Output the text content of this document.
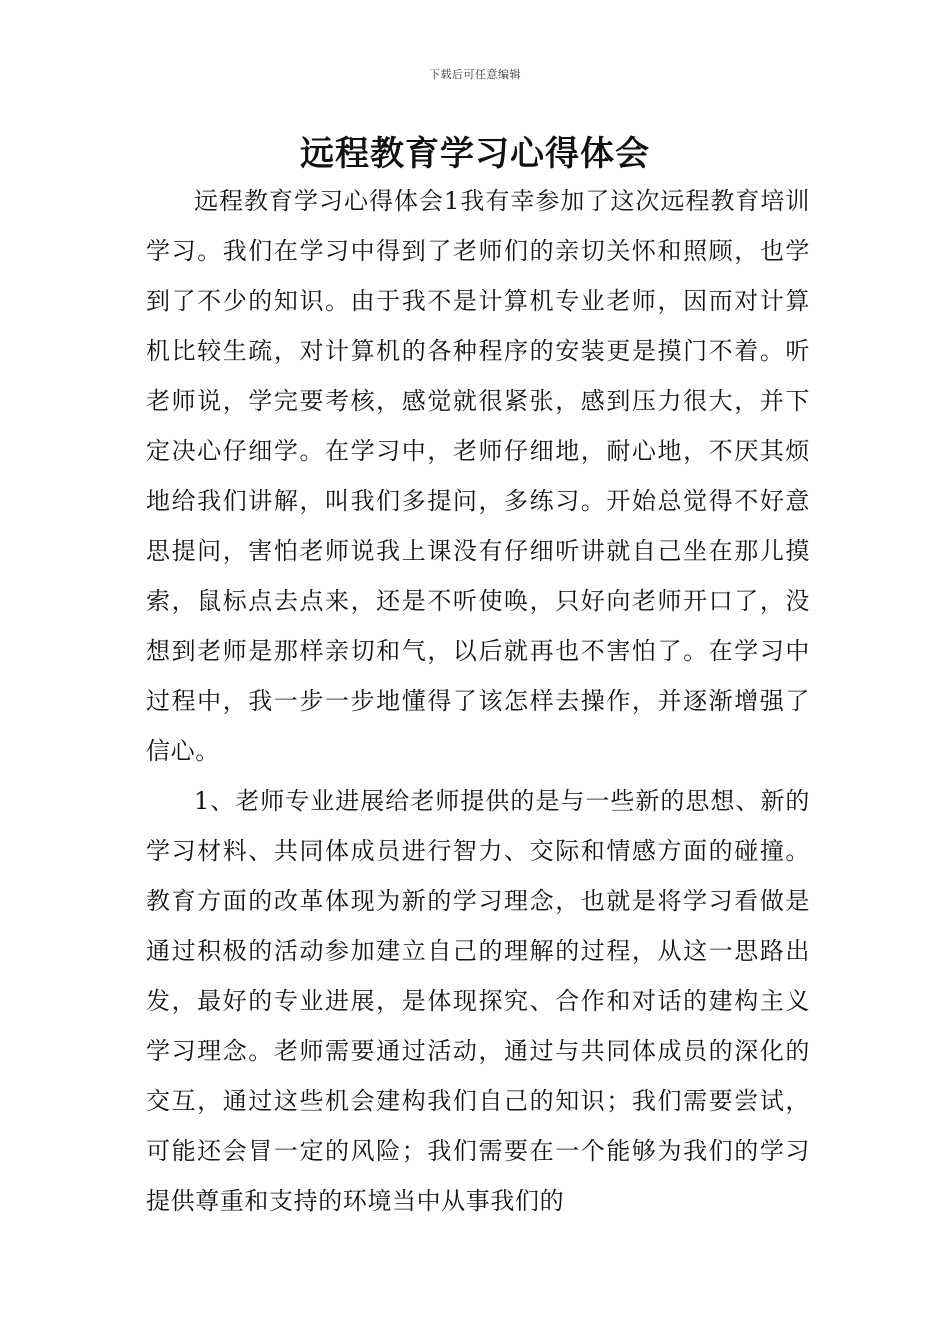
下载后可任意编辑
远程教育学习心得体会

远程教育学习心得体会1我有幸参加了这次远程教育培训学习。我们在学习中得到了老师们的亲切关怀和照顾，也学到了不少的知识。由于我不是计算机专业老师，因而对计算机比较生疏，对计算机的各种程序的安装更是摸门不着。听老师说，学完要考核，感觉就很紧张，感到压力很大，并下定决心仔细学。在学习中，老师仔细地，耐心地，不厌其烦地给我们讲解，叫我们多提问，多练习。开始总觉得不好意思提问，害怕老师说我上课没有仔细听讲就自己坐在那儿摸索，鼠标点去点来，还是不听使唤，只好向老师开口了，没想到老师是那样亲切和气，以后就再也不害怕了。在学习中过程中，我一步一步地懂得了该怎样去操作，并逐渐增强了信心。

1、老师专业进展给老师提供的是与一些新的思想、新的学习材料、共同体成员进行智力、交际和情感方面的碰撞。教育方面的改革体现为新的学习理念，也就是将学习看做是通过积极的活动参加建立自己的理解的过程，从这一思路出发，最好的专业进展，是体现探究、合作和对话的建构主义学习理念。老师需要通过活动，通过与共同体成员的深化的交互，通过这些机会建构我们自己的知识；我们需要尝试，可能还会冒一定的风险；我们需要在一个能够为我们的学习提供尊重和支持的环境当中从事我们的
